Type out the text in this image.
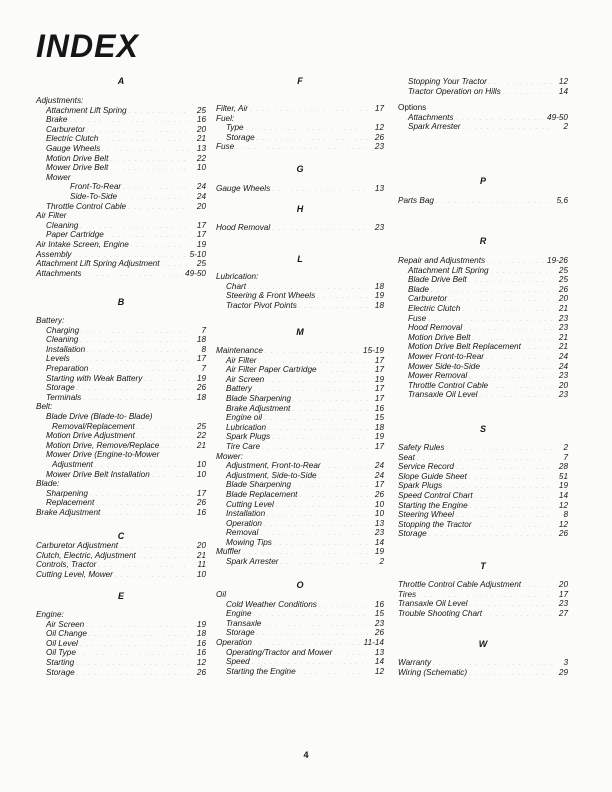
INDEX
A
Adjustments:
Attachment Lift Spring . . .	25
Brake . . .	16
Carburetor . . .	20
Electric Clutch . . .	21
Gauge Wheels . . .	13
Motion Drive Belt . . .	22
Mower Drive Belt . . .	10
Mower
Front-To-Rear . . .	24
Side-To-Side . . .	24
Throttle Control Cable . . .	20
Air Filter
Cleaning . . .	17
Paper Cartridge . . .	17
Air Intake Screen, Engine . . .	19
Assembly . . .	5-10
Attachment Lift Spring Adjustment . . .	25
Attachments . . .	49-50
B
Battery:
Charging . . .	7
Cleaning . . .	18
Installation . . .	8
Levels . . .	17
Preparation . . .	7
Starting with Weak Battery . . .	19
Storage . . .	26
Terminals . . .	18
Belt:
Blade Drive (Blade-to- Blade)
Removal/Replacement . . .	25
Motion Drive Adjustment . . .	22
Motion Drive, Remove/Replace . . .	21
Mower Drive (Engine-to-Mower
Adjustment . . .	10
Mower Drive Belt Installation . . .	10
Blade:
Sharpening . . .	17
Replacement . . .	26
Brake Adjustment . . .	16
C
Carburetor Adjustment . . .	20
Clutch, Electric, Adjustment . . .	21
Controls, Tractor . . .	11
Cutting Level, Mower . . .	10
E
Engine:
Air Screen . . .	19
Oil Change . . .	18
Oil Level . . .	16
Oil Type . . .	16
Starting . . .	12
Storage . . .	26
F
Filter, Air . . .	17
Fuel:
Type . . .	12
Storage . . .	26
Fuse . . .	23
G
Gauge Wheels . . .	13
H
Hood Removal . . .	23
L
Lubrication:
Chart . . .	18
Steering & Front Wheels . . .	19
Tractor Pivot Points . . .	18
M
Maintenance . . .	15-19
Air Filter . . .	17
Air Filter Paper Cartridge . . .	17
Air Screen . . .	19
Battery . . .	17
Blade Sharpening . . .	17
Brake Adjustment . . .	16
Engine oil . . .	15
Lubrication . . .	18
Spark Plugs . . .	19
Tire Care . . .	17
Mower:
Adjustment, Front-to-Rear . . .	24
Adjustment, Side-to-Side . . .	24
Blade Sharpening . . .	17
Blade Replacement . . .	26
Cutting Level . . .	10
Installation . . .	10
Operation . . .	13
Removal . . .	23
Mowing Tips . . .	14
Muffler . . .	19
Spark Arrester . . .	2
O
Oil
Cold Weather Conditions . . .	16
Engine . . .	15
Transaxle . . .	23
Storage . . .	26
Operation . . .	11-14
Operating/Tractor and Mower . . .	13
Speed . . .	14
Starting the Engine . . .	12
Stopping Your Tractor . . .	12
Tractor Operation on Hills . . .	14
Options
Attachments . . .	49-50
Spark Arrester . . .	2
P
Parts Bag . . .	5,6
R
Repair and Adjustments . . .	19-26
Attachment Lift Spring . . .	25
Blade Drive Belt . . .	25
Blade . . .	26
Carburetor . . .	20
Electric Clutch . . .	21
Fuse . . .	23
Hood Removal . . .	23
Motion Drive Belt . . .	21
Motion Drive Belt Replacement . . .	21
Mower Front-to-Rear . . .	24
Mower Side-to-Side . . .	24
Mower Removal . . .	23
Throttle Control Cable . . .	20
Transaxle Oil Level . . .	23
S
Safety Rules . . .	2
Seat . . .	7
Service Record . . .	28
Slope Guide Sheet . . .	51
Spark Plugs . . .	19
Speed Control Chart . . .	14
Starting the Engine . . .	12
Steering Wheel . . .	8
Stopping the Tractor . . .	12
Storage . . .	26
T
Throttle Control Cable Adjustment . . .	20
Tires . . .	17
Transaxle Oil Level . . .	23
Trouble Shooting Chart . . .	27
W
Warranty . . .	3
Wiring (Schematic) . . .	29
4
